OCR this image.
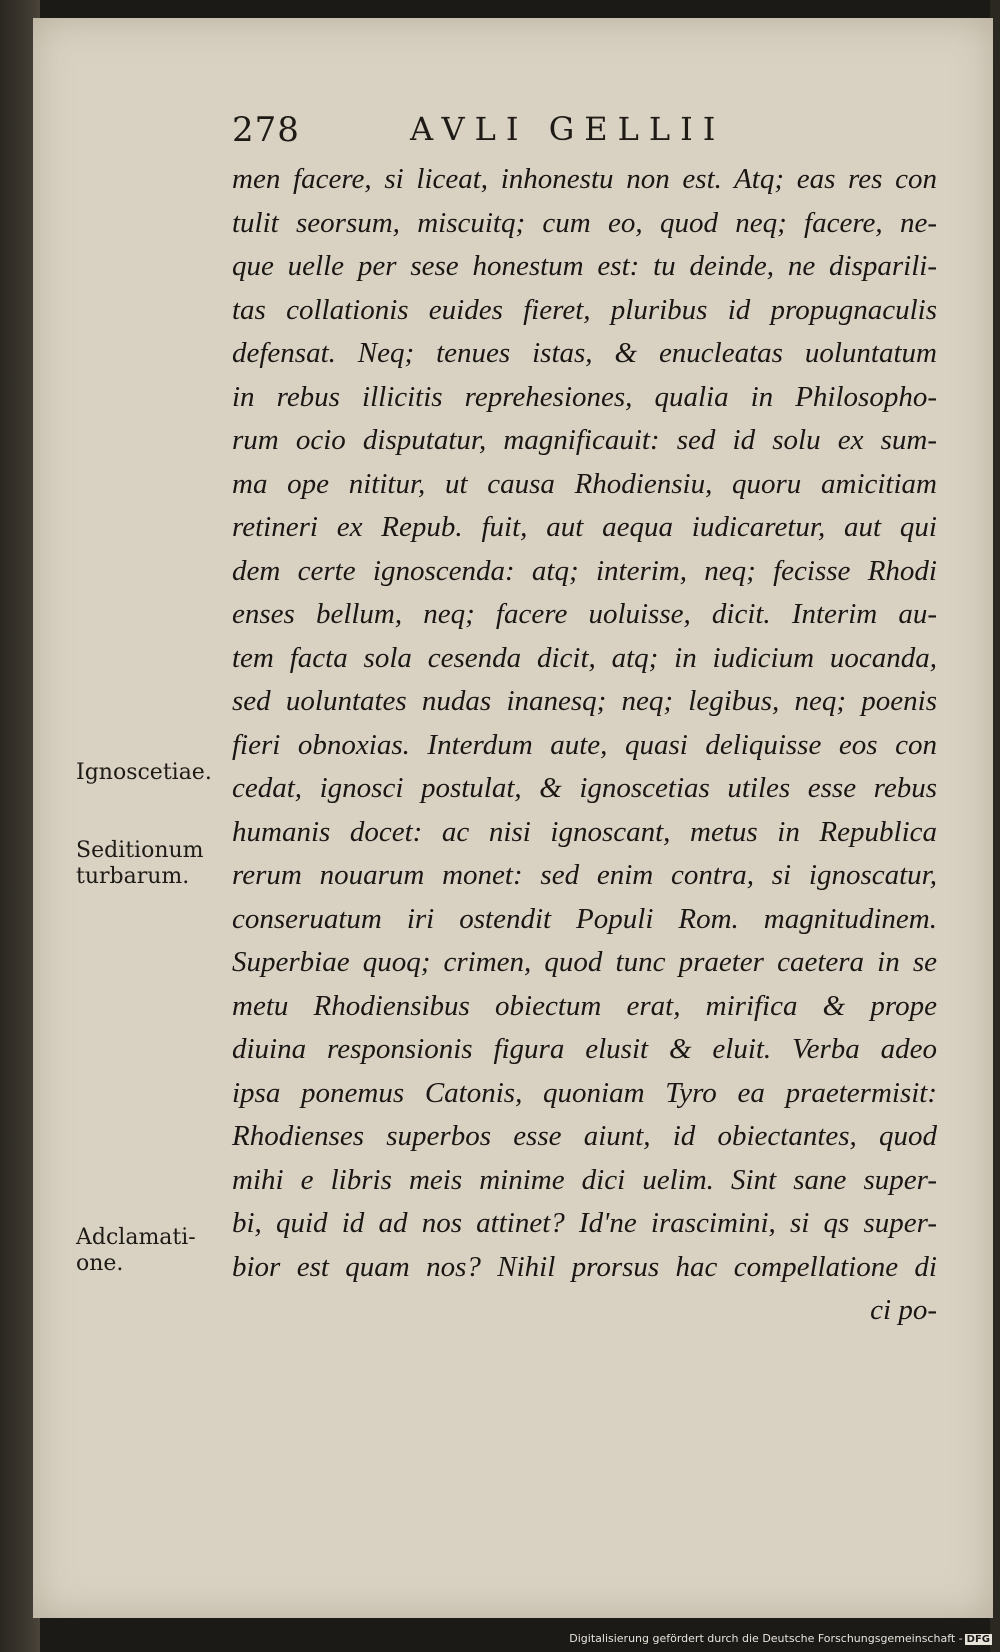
278	AVLI GELLII
men facere, si liceat, inhonestu non est. Atq; eas res con
tulit seorsum, miscuitq; cum eo, quod neq; facere, ne-
que uelle per sese honestum est: tu deinde, ne disparili-
tas collationis euides fieret, pluribus id propugnaculis
defensat. Neq; tenues istas, & enucleatas uoluntatum
in rebus illicitis reprehesiones, qualia in Philosopho-
rum ocio disputatur, magnificauit: sed id solu ex sum-
ma ope nititur, ut causa Rhodiensiu, quoru amicitiam
retineri ex Repub. fuit, aut aequa iudicaretur, aut qui
dem certe ignoscenda: atq; interim, neq; fecisse Rhodi
enses bellum, neq; facere uoluisse, dicit. Interim au-
tem facta sola cesenda dicit, atq; in iudicium uocanda,
sed uoluntates nudas inanesq; neq; legibus, neq; poenis
fieri obnoxias. Interdum aute, quasi deliquisse eos con
cedat, ignosci postulat, & ignoscetias utiles esse rebus
humanis docet: ac nisi ignoscant, metus in Republica
rerum nouarum monet: sed enim contra, si ignoscatur,
conseruatum iri ostendit Populi Rom. magnitudinem.
Superbiae quoq; crimen, quod tunc praeter caetera in se
metu Rhodiensibus obiectum erat, mirifica & prope
diuina responsionis figura elusit & eluit. Verba adeo
ipsa ponemus Catonis, quoniam Tyro ea praetermisit:
Rhodienses superbos esse aiunt, id obiectantes, quod
mihi e libris meis minime dici uelim. Sint sane super-
bi, quid id ad nos attinet? Id'ne irascimini, si qs super-
bior est quam nos? Nihil prorsus hac compellatione di
ci po-
Ignoscetiae.
Seditionum turbarum.
Adclamati-one.
Digitalisierung gefördert durch die Deutsche Forschungsgemeinschaft - DFG
